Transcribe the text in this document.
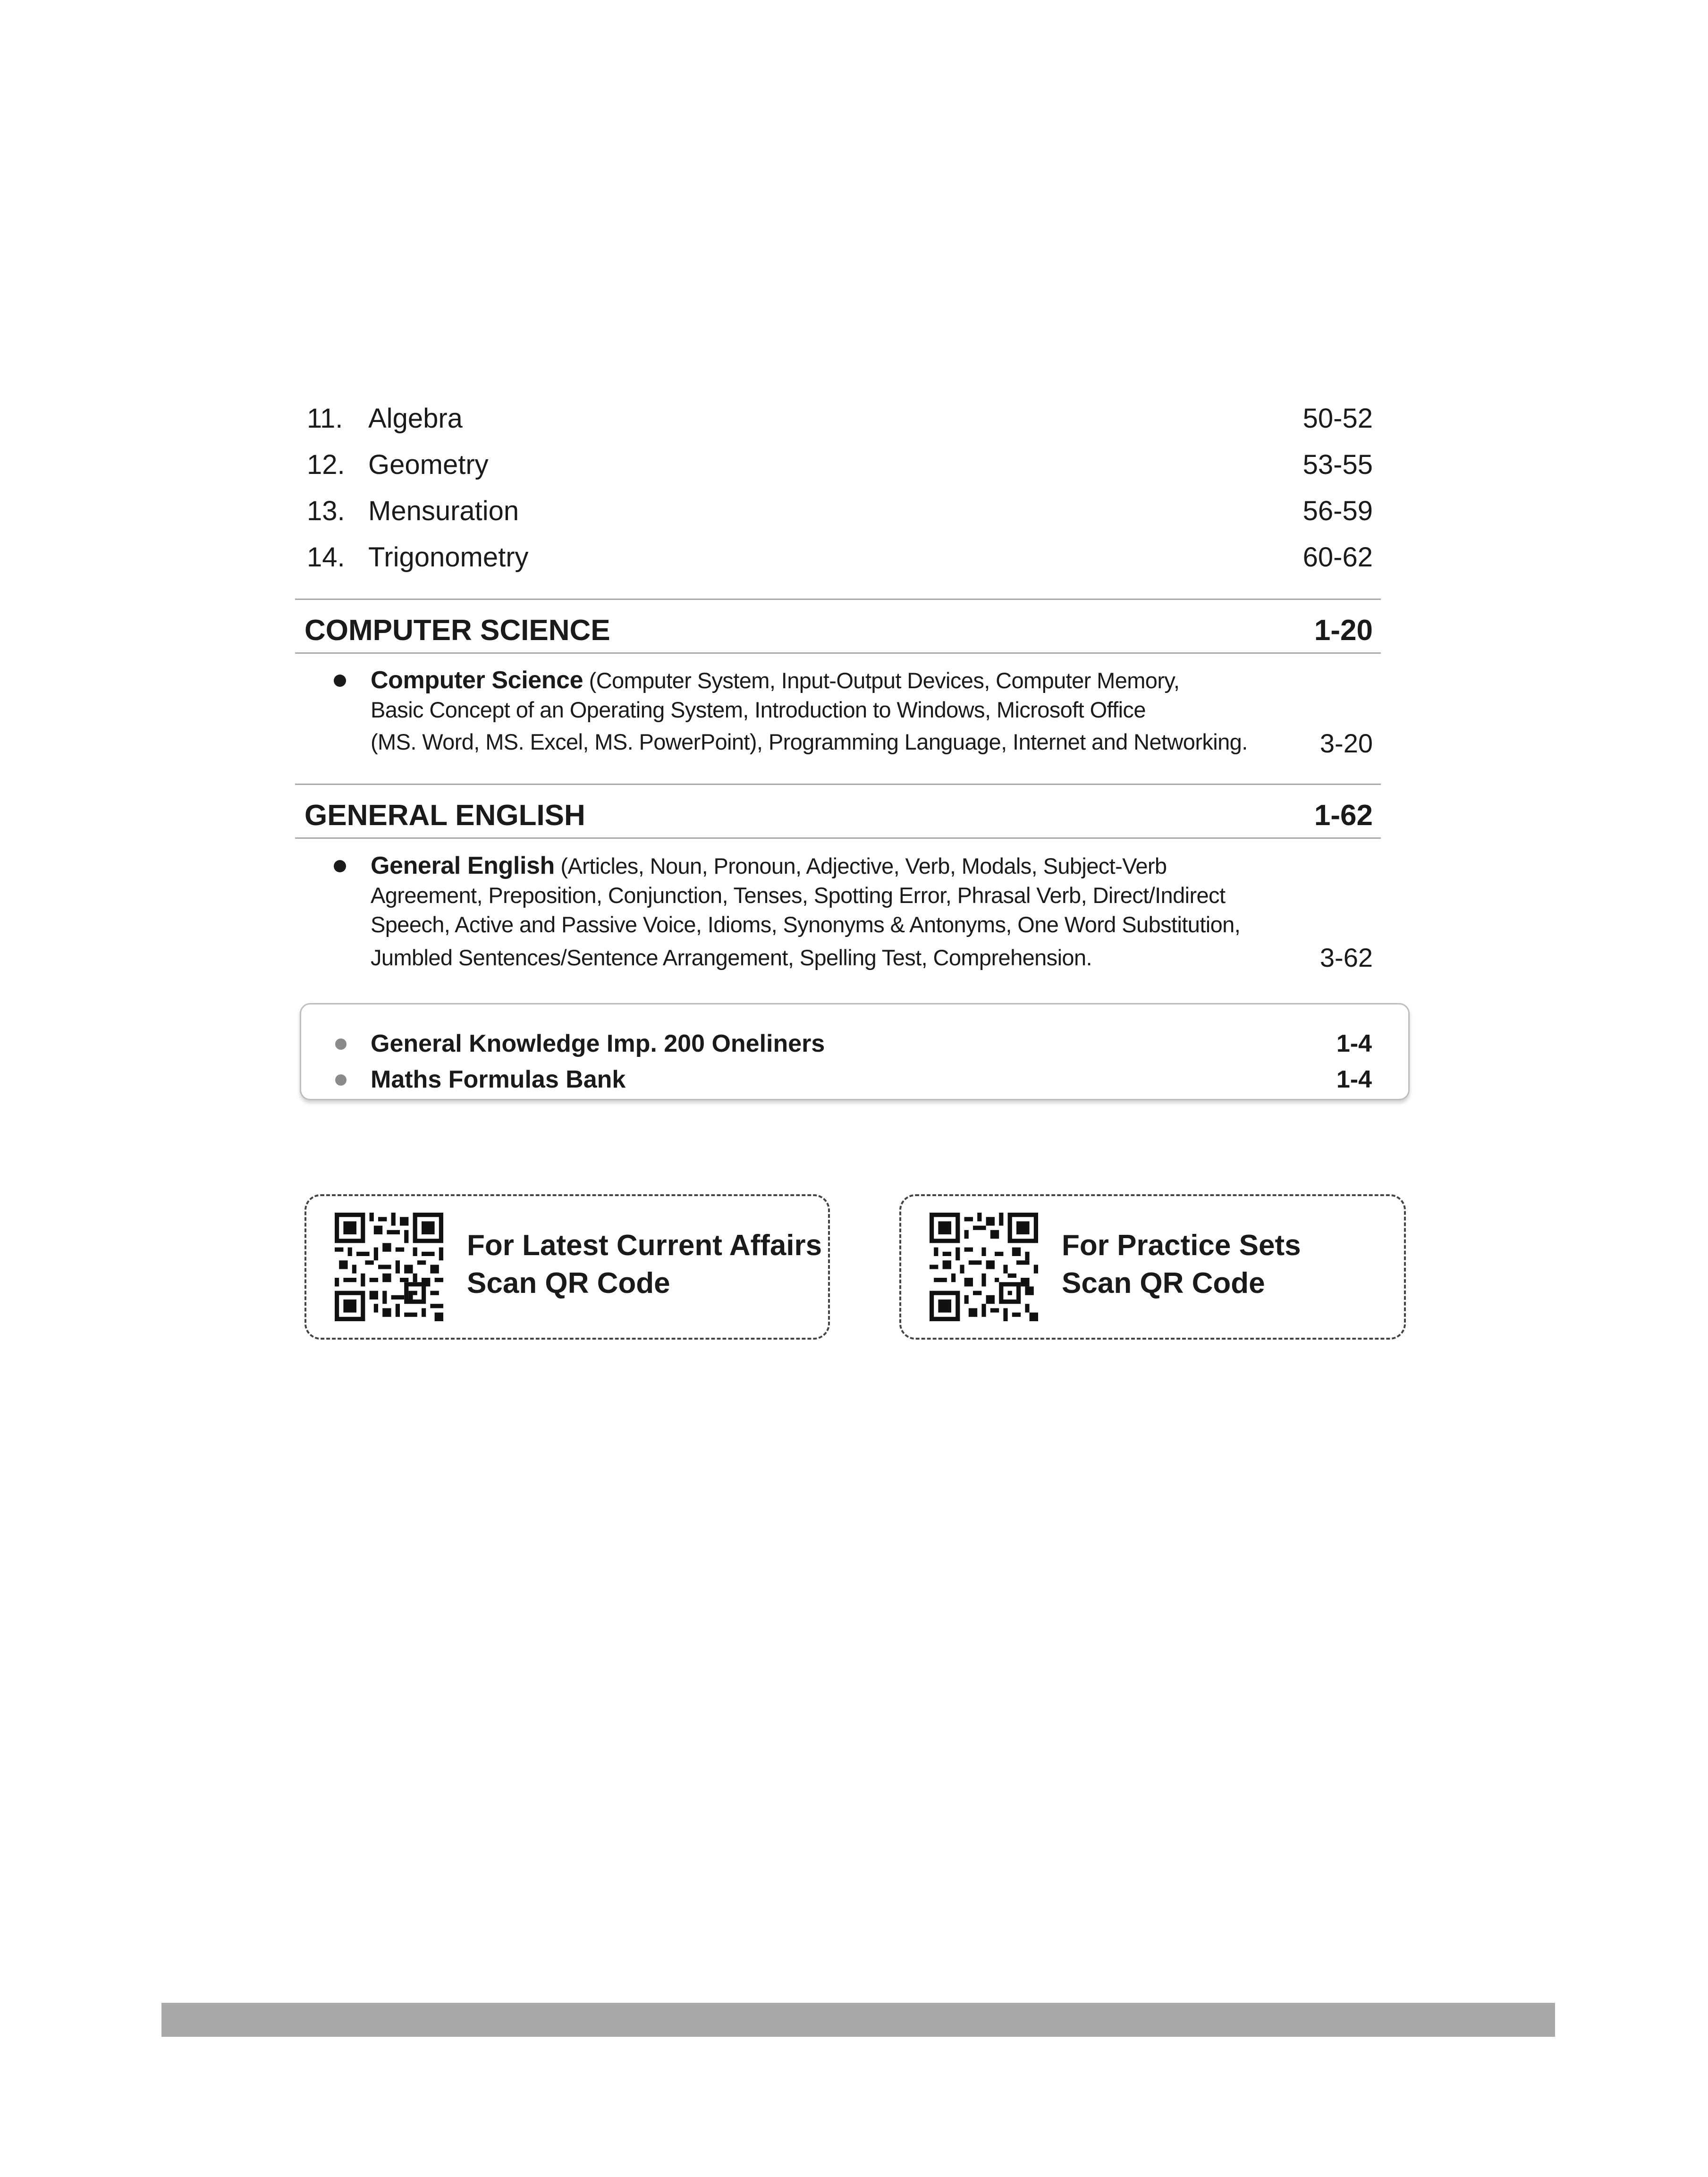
11. Algebra	50-52
12. Geometry	53-55
13. Mensuration	56-59
14. Trigonometry	60-62
COMPUTER SCIENCE	1-20
Computer Science (Computer System, Input-Output Devices, Computer Memory,
Basic Concept of an Operating System, Introduction to Windows, Microsoft Office
(MS. Word, MS. Excel, MS. PowerPoint), Programming Language, Internet and Networking.	3-20
GENERAL ENGLISH	1-62
General English (Articles, Noun, Pronoun, Adjective, Verb, Modals, Subject-Verb
Agreement, Preposition, Conjunction, Tenses, Spotting Error, Phrasal Verb, Direct/Indirect
Speech, Active and Passive Voice, Idioms, Synonyms & Antonyms, One Word Substitution,
Jumbled Sentences/Sentence Arrangement, Spelling Test, Comprehension.	3-62
General Knowledge Imp. 200 Oneliners	1-4
Maths Formulas Bank	1-4
For Latest Current Affairs
Scan QR Code
For Practice Sets
Scan QR Code
